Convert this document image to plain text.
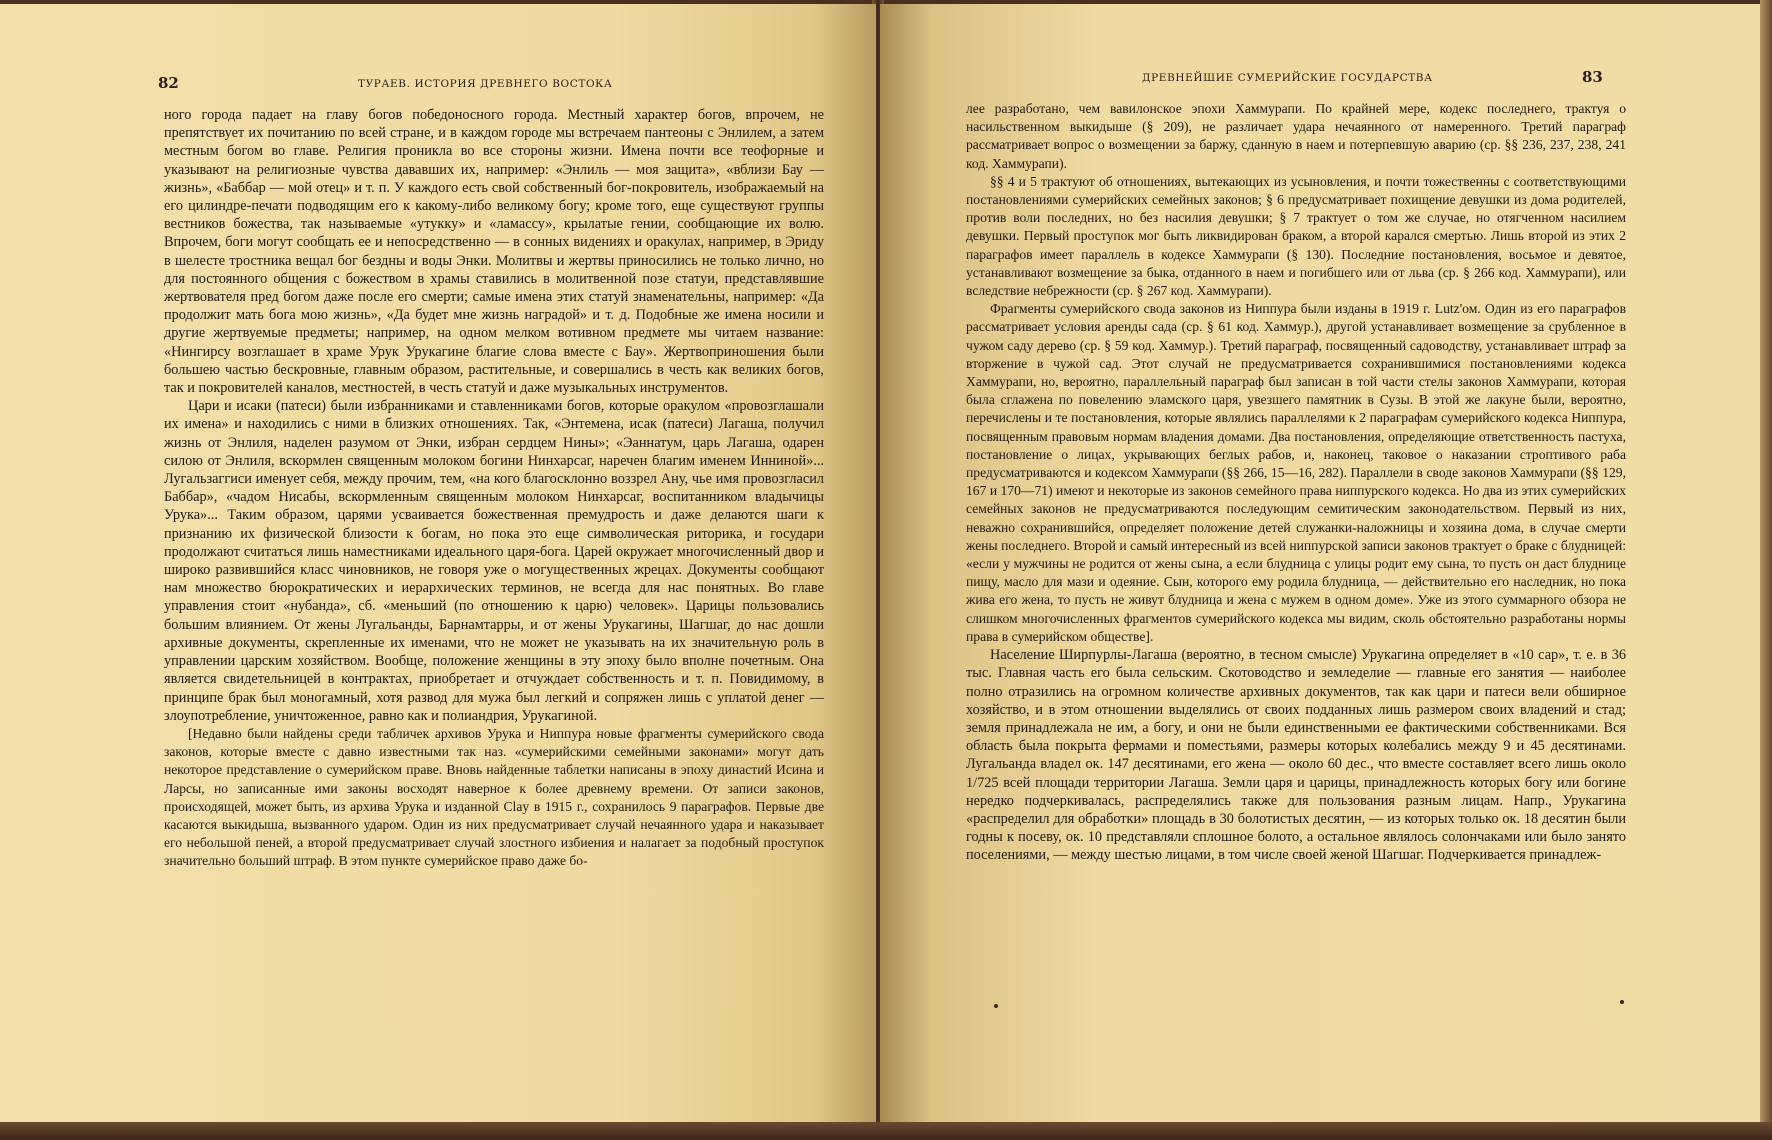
82	ТУРАЕВ. ИСТОРИЯ ДРЕВНЕГО ВОСТОКА

ного города падает на главу богов победоносного города. Местный характер богов, впрочем, не препятствует их почитанию по всей стране, и в каждом городе мы встречаем пантеоны с Энлилем, а затем местным богом во главе. Религия проникла во все стороны жизни. Имена почти все теофорные и указывают на религиозные чувства дававших их, например: «Энлиль — моя защита», «вблизи Бау — жизнь», «Баббар — мой отец» и т. п. У каждого есть свой собственный бог-покровитель, изображаемый на его цилиндре-печати подводящим его к какому-либо великому богу; кроме того, еще существуют группы вестников божества, так называемые «утукку» и «ламассу», крылатые гении, сообщающие их волю. Впрочем, боги могут сообщать ее и непосредственно — в сонных видениях и оракулах, например, в Эриду в шелесте тростника вещал бог бездны и воды Энки. Молитвы и жертвы приносились не только лично, но для постоянного общения с божеством в храмы ставились в молитвенной позе статуи, представлявшие жертвователя пред богом даже после его смерти; самые имена этих статуй знаменательны, например: «Да продолжит мать бога мою жизнь», «Да будет мне жизнь наградой» и т. д. Подобные же имена носили и другие жертвуемые предметы; например, на одном мелком вотивном предмете мы читаем название: «Нингирсу возглашает в храме Урук Урукагине благие слова вместе с Бау». Жертвоприношения были большею частью бескровные, главным образом, растительные, и совершались в честь как великих богов, так и покровителей каналов, местностей, в честь статуй и даже музыкальных инструментов.

Цари и исаки (патеси) были избранниками и ставленниками богов, которые оракулом «провозглашали их имена» и находились с ними в близких отношениях. Так, «Энтемена, исак (патеси) Лагаша, получил жизнь от Энлиля, наделен разумом от Энки, избран сердцем Нины»; «Эаннатум, царь Лагаша, одарен силою от Энлиля, вскормлен священным молоком богини Нинхарсаг, наречен благим именем Инниной»... Лугальзаггиси именует себя, между прочим, тем, «на кого благосклонно воззрел Ану, чье имя провозгласил Баббар», «чадом Нисабы, вскормленным священным молоком Нинхарсаг, воспитанником владычицы Урука»... Таким образом, царями усваивается божественная премудрость и даже делаются шаги к признанию их физической близости к богам, но пока это еще символическая риторика, и государи продолжают считаться лишь наместниками идеального царя-бога. Царей окружает многочисленный двор и широко развившийся класс чиновников, не говоря уже о могущественных жрецах. Документы сообщают нам множество бюрократических и иерархических терминов, не всегда для нас понятных. Во главе управления стоит «нубанда», сб. «меньший (по отношению к царю) человек». Царицы пользовались большим влиянием. От жены Лугальанды, Барнамтарры, и от жены Урукагины, Шагшаг, до нас дошли архивные документы, скрепленные их именами, что не может не указывать на их значительную роль в управлении царским хозяйством. Вообще, положение женщины в эту эпоху было вполне почетным. Она является свидетельницей в контрактах, приобретает и отчуждает собственность и т. п. Повидимому, в принципе брак был моногамный, хотя развод для мужа был легкий и сопряжен лишь с уплатой денег — злоупотребление, уничтоженное, равно как и полиандрия, Урукагиной.

[Недавно были найдены среди табличек архивов Урука и Ниппура новые фрагменты сумерийского свода законов, которые вместе с давно известными так наз. «сумерийскими семейными законами» могут дать некоторое представление о сумерийском праве. Вновь найденные таблетки написаны в эпоху династий Исина и Ларсы, но записанные ими законы восходят наверное к более древнему времени. От записи законов, происходящей, может быть, из архива Урука и изданной Clay в 1915 г., сохранилось 9 параграфов. Первые две касаются выкидыша, вызванного ударом. Один из них предусматривает случай нечаянного удара и наказывает его небольшой пеней, а второй предусматривает случай злостного избиения и налагает за подобный проступок значительно больший штраф. В этом пункте сумерийское право даже бо-

ДРЕВНЕЙШИЕ СУМЕРИЙСКИЕ ГОСУДАРСТВА	83

лее разработано, чем вавилонское эпохи Хаммурапи. По крайней мере, кодекс последнего, трактуя о насильственном выкидыше (§ 209), не различает удара нечаянного от намеренного. Третий параграф рассматривает вопрос о возмещении за баржу, сданную в наем и потерпевшую аварию (ср. §§ 236, 237, 238, 241 код. Хаммурапи).

§§ 4 и 5 трактуют об отношениях, вытекающих из усыновления, и почти тожественны с соответствующими постановлениями сумерийских семейных законов; § 6 предусматривает похищение девушки из дома родителей, против воли последних, но без насилия девушки; § 7 трактует о том же случае, но отягченном насилием девушки. Первый проступок мог быть ликвидирован браком, а второй карался смертью. Лишь второй из этих 2 параграфов имеет параллель в кодексе Хаммурапи (§ 130). Последние постановления, восьмое и девятое, устанавливают возмещение за быка, отданного в наем и погибшего или от льва (ср. § 266 код. Хаммурапи), или вследствие небрежности (ср. § 267 код. Хаммурапи).

Фрагменты сумерийского свода законов из Ниппура были изданы в 1919 г. Lutz'ом. Один из его параграфов рассматривает условия аренды сада (ср. § 61 код. Хаммур.), другой устанавливает возмещение за срубленное в чужом саду дерево (ср. § 59 код. Хаммур.). Третий параграф, посвященный садоводству, устанавливает штраф за вторжение в чужой сад. Этот случай не предусматривается сохранившимися постановлениями кодекса Хаммурапи, но, вероятно, параллельный параграф был записан в той части стелы законов Хаммурапи, которая была сглажена по повелению эламского царя, увезшего памятник в Сузы. В этой же лакуне были, вероятно, перечислены и те постановления, которые являлись параллелями к 2 параграфам сумерийского кодекса Ниппура, посвященным правовым нормам владения домами. Два постановления, определяющие ответственность пастуха, постановление о лицах, укрывающих беглых рабов, и, наконец, таковое о наказании строптивого раба предусматриваются и кодексом Хаммурапи (§§ 266, 15—16, 282). Параллели в своде законов Хаммурапи (§§ 129, 167 и 170—71) имеют и некоторые из законов семейного права ниппурского кодекса. Но два из этих сумерийских семейных законов не предусматриваются последующим семитическим законодательством. Первый из них, неважно сохранившийся, определяет положение детей служанки-наложницы и хозяина дома, в случае смерти жены последнего. Второй и самый интересный из всей ниппурской записи законов трактует о браке с блудницей: «если у мужчины не родится от жены сына, а если блудница с улицы родит ему сына, то пусть он даст блуднице пищу, масло для мази и одеяние. Сын, которого ему родила блудница, — действительно его наследник, но пока жива его жена, то пусть не живут блудница и жена с мужем в одном доме». Уже из этого суммарного обзора не слишком многочисленных фрагментов сумерийского кодекса мы видим, сколь обстоятельно разработаны нормы права в сумерийском обществе].

Население Ширпурлы-Лагаша (вероятно, в тесном смысле) Урукагина определяет в «10 сар», т. е. в 36 тыс. Главная часть его была сельским. Скотоводство и земледелие — главные его занятия — наиболее полно отразились на огромном количестве архивных документов, так как цари и патеси вели обширное хозяйство, и в этом отношении выделялись от своих подданных лишь размером своих владений и стад; земля принадлежала не им, а богу, и они не были единственными ее фактическими собственниками. Вся область была покрыта фермами и поместьями, размеры которых колебались между 9 и 45 десятинами. Лугальанда владел ок. 147 десятинами, его жена — около 60 дес., что вместе составляет всего лишь около 1/725 всей площади территории Лагаша. Земли царя и царицы, принадлежность которых богу или богине нередко подчеркивалась, распределялись также для пользования разным лицам. Напр., Урукагина «распределил для обработки» площадь в 30 болотистых десятин, — из которых только ок. 18 десятин были годны к посеву, ок. 10 представляли сплошное болото, а остальное являлось солончаками или было занято поселениями, — между шестью лицами, в том числе своей женой Шагшаг. Подчеркивается принадлеж-
